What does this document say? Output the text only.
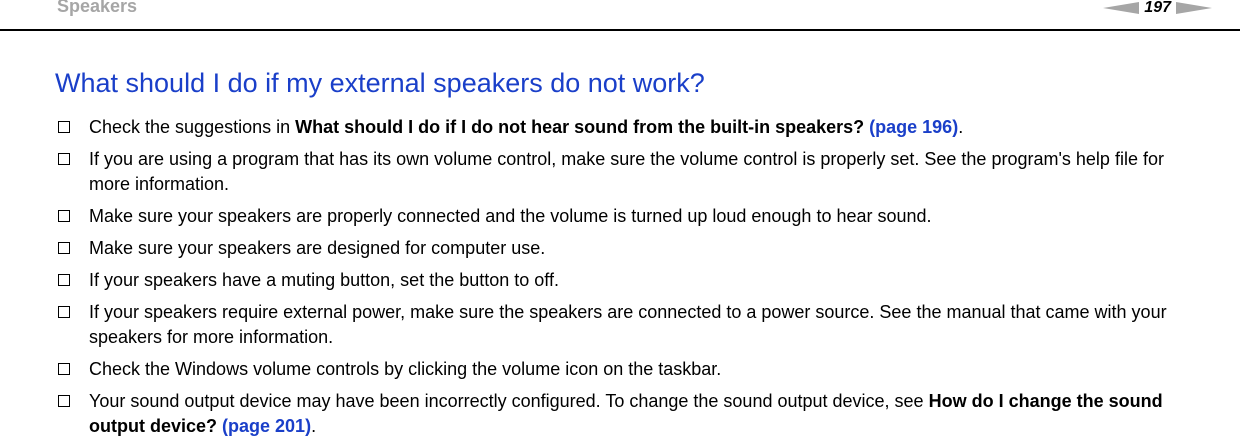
Speakers	197
What should I do if my external speakers do not work?
Check the suggestions in What should I do if I do not hear sound from the built-in speakers? (page 196).
If you are using a program that has its own volume control, make sure the volume control is properly set. See the program's help file for more information.
Make sure your speakers are properly connected and the volume is turned up loud enough to hear sound.
Make sure your speakers are designed for computer use.
If your speakers have a muting button, set the button to off.
If your speakers require external power, make sure the speakers are connected to a power source. See the manual that came with your speakers for more information.
Check the Windows volume controls by clicking the volume icon on the taskbar.
Your sound output device may have been incorrectly configured. To change the sound output device, see How do I change the sound output device? (page 201).
